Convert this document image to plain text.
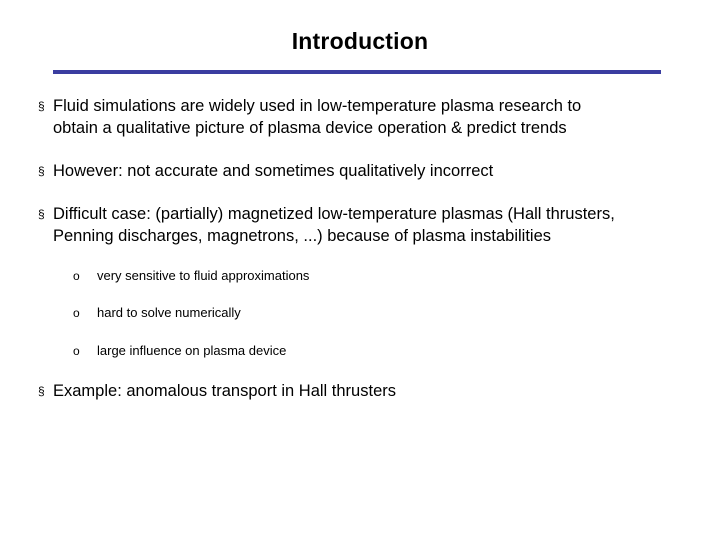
Introduction
§ Fluid simulations are widely used in low-temperature plasma research to
obtain a qualitative picture of plasma device operation & predict trends
§ However: not accurate and sometimes qualitatively incorrect
§ Difficult case: (partially) magnetized low-temperature plasmas (Hall thrusters,
Penning discharges, magnetrons, ...) because of plasma instabilities
o very sensitive to fluid approximations
o hard to solve numerically
o large influence on plasma device
§ Example: anomalous transport in Hall thrusters
